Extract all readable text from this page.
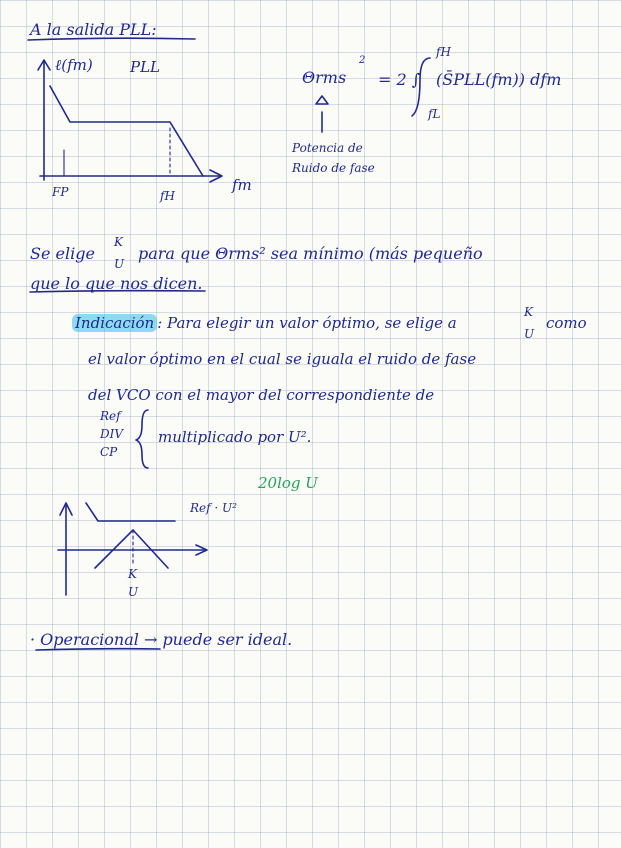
A la salida PLL:

ℓ(fm) PLL

FP	fH

fm

Θrms

2

= 2 ∫

fH

fL

(S̄PLL(fm)) dfm

Potencia de

Ruido de fase

Se elige

K

U

para que Θrms² sea mínimo (más pequeño

que lo que nos dicen.

Indicación : Para elegir un valor óptimo, se elige a

K

U

como

el valor óptimo en el cual se iguala el ruido de fase

del VCO con el mayor del correspondiente de

Ref

DIV

CP

multiplicado por U².

Ref · U²

20log U

K

U

· Operacional → puede ser ideal.
